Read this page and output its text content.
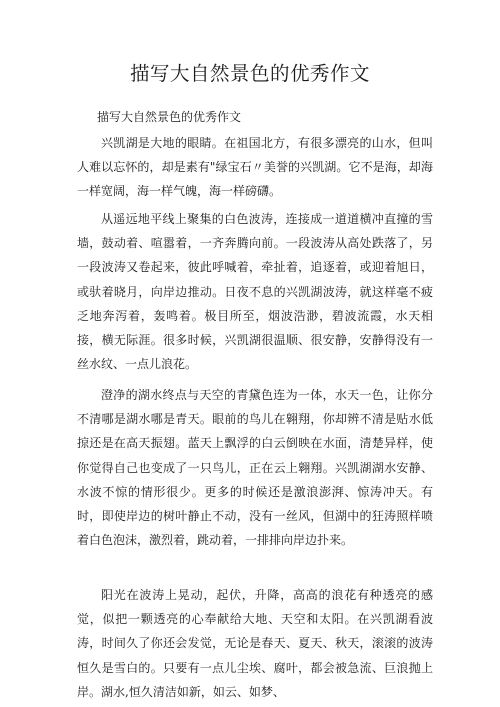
描写大自然景色的优秀作文
描写大自然景色的优秀作文

兴凯湖是大地的眼睛。在祖国北方，有很多漂亮的山水，但叫人难以忘怀的，却是素有"绿宝石〃美誉的兴凯湖。它不是海，却海一样宽阔，海一样气魄，海一样磅礴。

从遥远地平线上聚集的白色波涛，连接成一道道横冲直撞的雪墙，鼓动着、喧嚣着，一齐奔腾向前。一段波涛从高处跌落了，另一段波涛又卷起来，彼此呼喊着，牵扯着，追逐着，或迎着旭日，或驮着晓月，向岸边推动。日夜不息的兴凯湖波涛，就这样毫不疲乏地奔泻着，轰鸣着。极目所至，烟波浩渺，碧波流霞，水天相接，横无际涯。很多时候，兴凯湖很温顺、很安静，安静得没有一丝水纹、一点儿浪花。

澄净的湖水终点与天空的青黛色连为一体，水天一色，让你分不清哪是湖水哪是青天。眼前的鸟儿在翱翔，你却辨不清是贴水低掠还是在高天振翅。蓝天上飘浮的白云倒映在水面，清楚异样，使你觉得自己也变成了一只鸟儿，正在云上翱翔。兴凯湖湖水安静、水波不惊的情形很少。更多的时候还是激浪澎湃、惊涛冲天。有时，即使岸边的树叶静止不动，没有一丝风，但湖中的狂涛照样喷着白色泡沫，激烈着，跳动着，一排排向岸边扑来。

阳光在波涛上晃动，起伏，升降，高高的浪花有种透亮的感觉，似把一颗透亮的心奉献给大地、天空和太阳。在兴凯湖看波涛，时间久了你还会发觉，无论是春天、夏天、秋天，滚滚的波涛恒久是雪白的。只要有一点儿尘埃、腐叶，都会被急流、巨浪抛上岸。湖水,恒久清洁如新，如云、如梦、
